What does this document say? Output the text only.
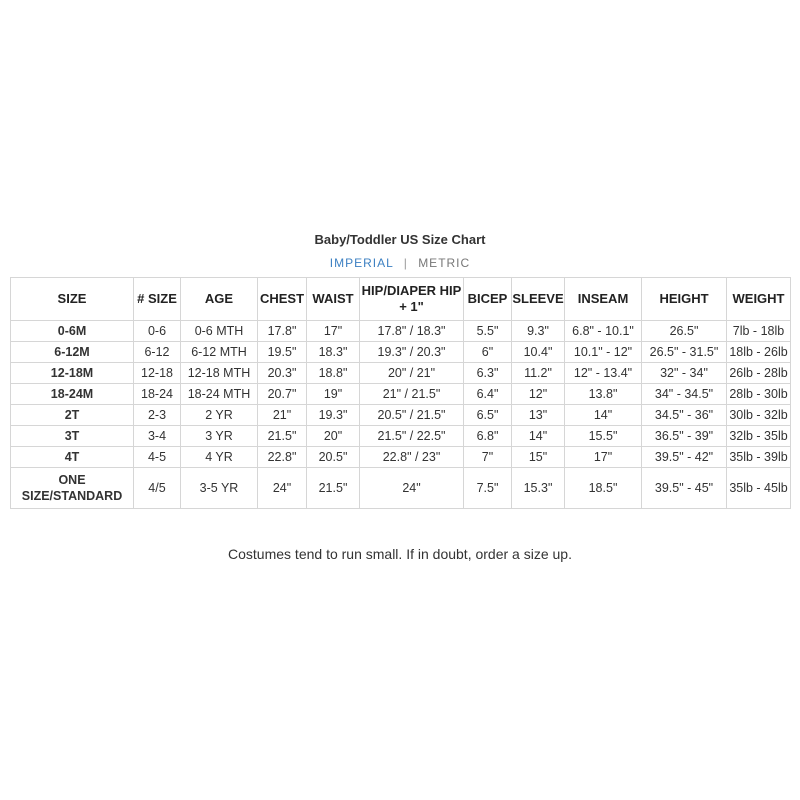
Baby/Toddler US Size Chart
IMPERIAL | METRIC
SIZE	# SIZE	AGE	CHEST	WAIST	HIP/DIAPER HIP + 1"	BICEP	SLEEVE	INSEAM	HEIGHT	WEIGHT
0-6M	0-6	0-6 MTH	17.8"	17"	17.8" / 18.3"	5.5"	9.3"	6.8" - 10.1"	26.5"	7lb - 18lb
6-12M	6-12	6-12 MTH	19.5"	18.3"	19.3" / 20.3"	6"	10.4"	10.1" - 12"	26.5" - 31.5"	18lb - 26lb
12-18M	12-18	12-18 MTH	20.3"	18.8"	20" / 21"	6.3"	11.2"	12" - 13.4"	32" - 34"	26lb - 28lb
18-24M	18-24	18-24 MTH	20.7"	19"	21" / 21.5"	6.4"	12"	13.8"	34" - 34.5"	28lb - 30lb
2T	2-3	2 YR	21"	19.3"	20.5" / 21.5"	6.5"	13"	14"	34.5" - 36"	30lb - 32lb
3T	3-4	3 YR	21.5"	20"	21.5" / 22.5"	6.8"	14"	15.5"	36.5" - 39"	32lb - 35lb
4T	4-5	4 YR	22.8"	20.5"	22.8" / 23"	7"	15"	17"	39.5" - 42"	35lb - 39lb
ONE SIZE/STANDARD	4/5	3-5 YR	24"	21.5"	24"	7.5"	15.3"	18.5"	39.5" - 45"	35lb - 45lb
Costumes tend to run small. If in doubt, order a size up.
